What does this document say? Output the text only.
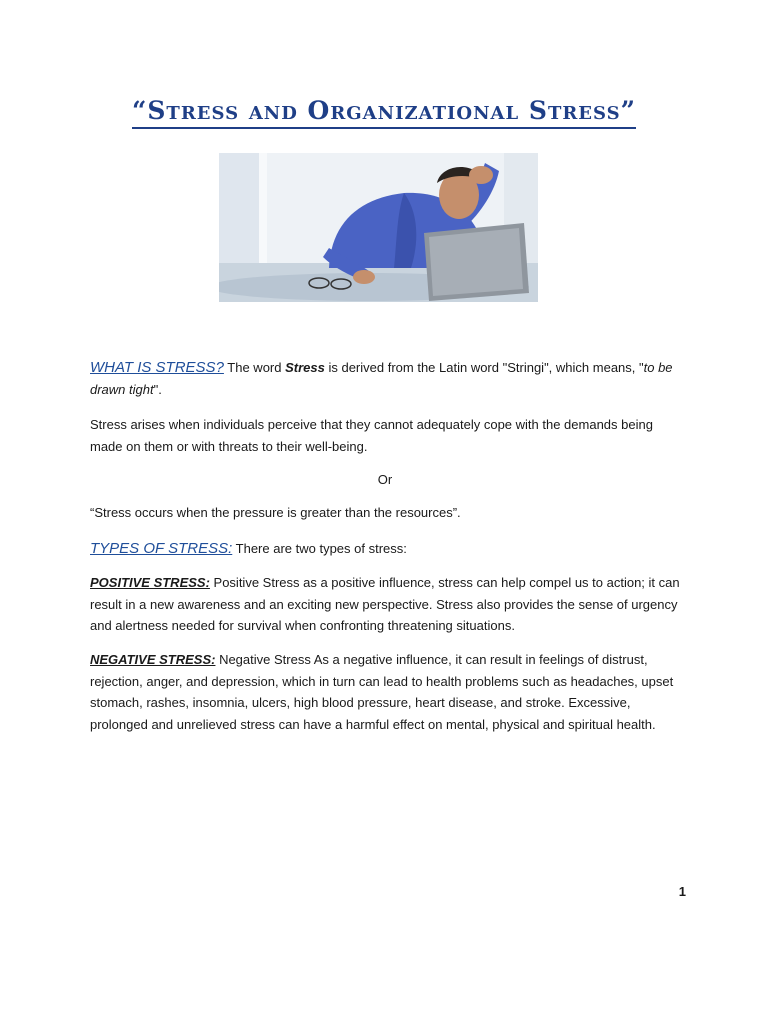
“Stress and Organizational Stress”
WHAT IS STRESS? The word Stress is derived from the Latin word "Stringi", which means, "to be drawn tight".
Stress arises when individuals perceive that they cannot adequately cope with the demands being made on them or with threats to their well-being.
Or
“Stress occurs when the pressure is greater than the resources”.
TYPES OF STRESS: There are two types of stress:
POSITIVE STRESS: Positive Stress as a positive influence, stress can help compel us to action; it can result in a new awareness and an exciting new perspective. Stress also provides the sense of urgency and alertness needed for survival when confronting threatening situations.
NEGATIVE STRESS: Negative Stress As a negative influence, it can result in feelings of distrust, rejection, anger, and depression, which in turn can lead to health problems such as headaches, upset stomach, rashes, insomnia, ulcers, high blood pressure, heart disease, and stroke. Excessive, prolonged and unrelieved stress can have a harmful effect on mental, physical and spiritual health.
1
